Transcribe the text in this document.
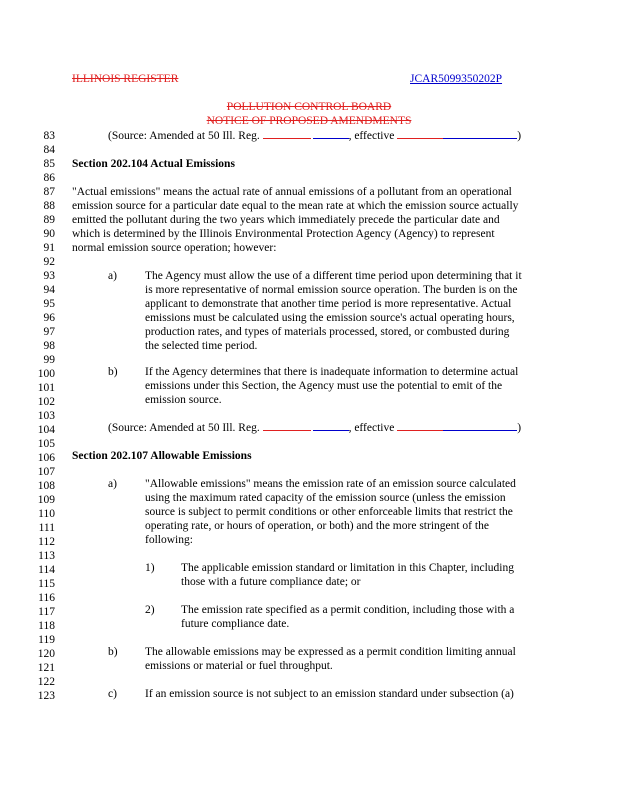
ILLINOIS REGISTER	JCAR5099350202P
POLLUTION CONTROL BOARD
NOTICE OF PROPOSED AMENDMENTS
83
84
85
86
87
88
89
90
91
92
93
94
95
96
97
98
99
100
101
102
103
104
105
106
107
108
109
110
111
112
113
114
115
116
117
118
119
120
121
122
123
(Source: Amended at 50 Ill. Reg.	, effective	)
Section 202.104 Actual Emissions
"Actual emissions" means the actual rate of annual emissions of a pollutant from an operational
emission source for a particular date equal to the mean rate at which the emission source actually
emitted the pollutant during the two years which immediately precede the particular date and
which is determined by the Illinois Environmental Protection Agency (Agency) to represent
normal emission source operation; however:
a) The Agency must allow the use of a different time period upon determining that it
is more representative of normal emission source operation. The burden is on the
applicant to demonstrate that another time period is more representative. Actual
emissions must be calculated using the emission source's actual operating hours,
production rates, and types of materials processed, stored, or combusted during
the selected time period.
b) If the Agency determines that there is inadequate information to determine actual
emissions under this Section, the Agency must use the potential to emit of the
emission source.
(Source: Amended at 50 Ill. Reg.	, effective	)
Section 202.107 Allowable Emissions
a) "Allowable emissions" means the emission rate of an emission source calculated
using the maximum rated capacity of the emission source (unless the emission
source is subject to permit conditions or other enforceable limits that restrict the
operating rate, or hours of operation, or both) and the more stringent of the
following:
1) The applicable emission standard or limitation in this Chapter, including
those with a future compliance date; or
2) The emission rate specified as a permit condition, including those with a
future compliance date.
b) The allowable emissions may be expressed as a permit condition limiting annual
emissions or material or fuel throughput.
c) If an emission source is not subject to an emission standard under subsection (a)
